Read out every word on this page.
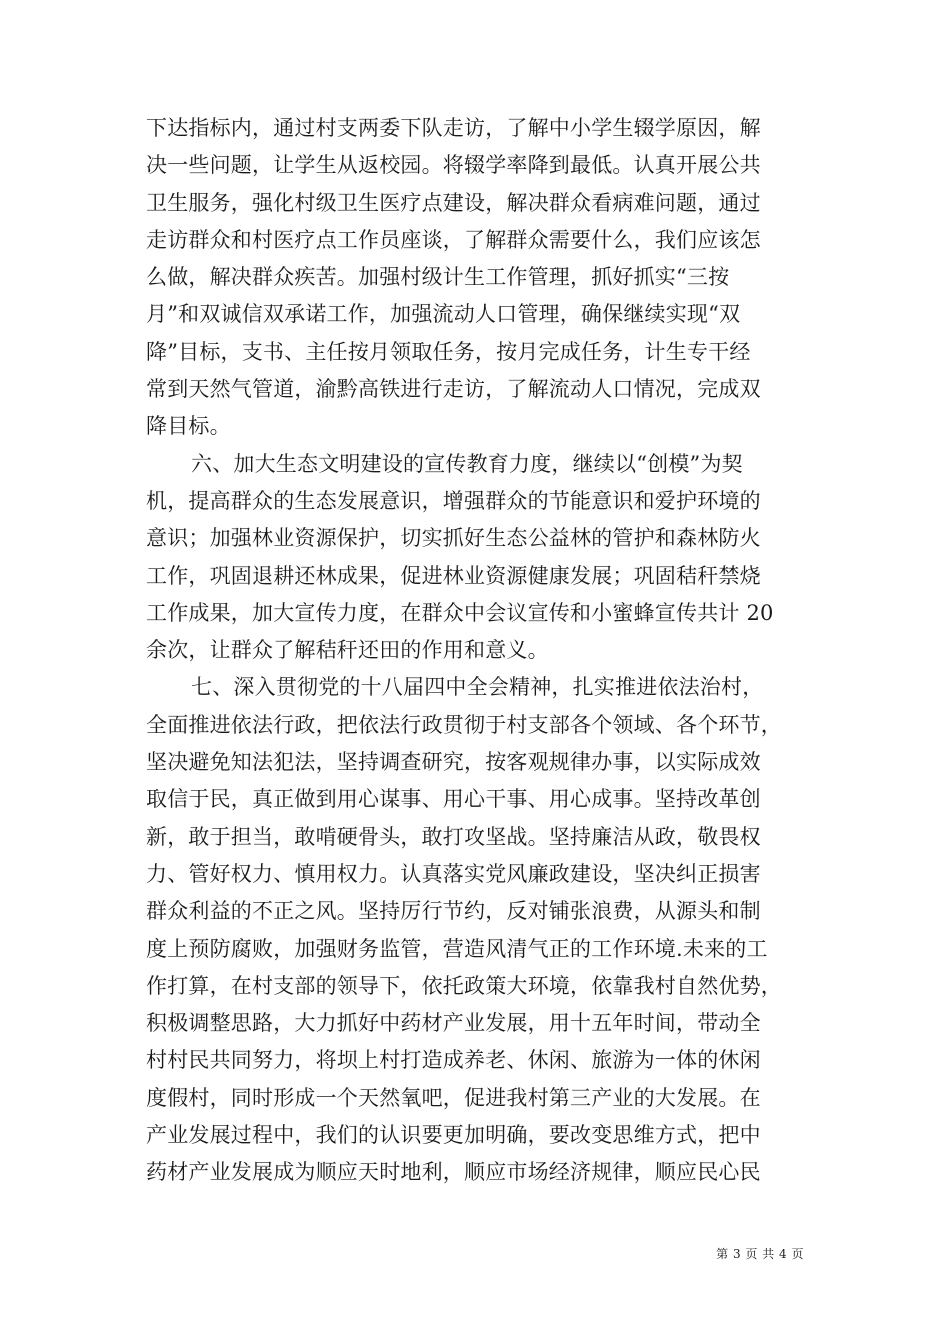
下达指标内，通过村支两委下队走访，了解中小学生辍学原因，解
决一些问题，让学生从返校园。将辍学率降到最低。认真开展公共
卫生服务，强化村级卫生医疗点建设，解决群众看病难问题，通过
走访群众和村医疗点工作员座谈，了解群众需要什么，我们应该怎
么做，解决群众疾苦。加强村级计生工作管理，抓好抓实“三按
月”和双诚信双承诺工作，加强流动人口管理，确保继续实现“双
降”目标，支书、主任按月领取任务，按月完成任务，计生专干经
常到天然气管道，渝黔高铁进行走访，了解流动人口情况，完成双
降目标。
六、加大生态文明建设的宣传教育力度，继续以“创模”为契
机，提高群众的生态发展意识，增强群众的节能意识和爱护环境的
意识；加强林业资源保护，切实抓好生态公益林的管护和森林防火
工作，巩固退耕还林成果，促进林业资源健康发展；巩固秸秆禁烧
工作成果，加大宣传力度，在群众中会议宣传和小蜜蜂宣传共计 20
余次，让群众了解秸秆还田的作用和意义。
七、深入贯彻党的十八届四中全会精神，扎实推进依法治村，
全面推进依法行政，把依法行政贯彻于村支部各个领域、各个环节，
坚决避免知法犯法，坚持调查研究，按客观规律办事，以实际成效
取信于民，真正做到用心谋事、用心干事、用心成事。坚持改革创
新，敢于担当，敢啃硬骨头，敢打攻坚战。坚持廉洁从政，敬畏权
力、管好权力、慎用权力。认真落实党风廉政建设，坚决纠正损害
群众利益的不正之风。坚持厉行节约，反对铺张浪费，从源头和制
度上预防腐败，加强财务监管，营造风清气正的工作环境.未来的工
作打算，在村支部的领导下，依托政策大环境，依靠我村自然优势，
积极调整思路，大力抓好中药材产业发展，用十五年时间，带动全
村村民共同努力，将坝上村打造成养老、休闲、旅游为一体的休闲
度假村，同时形成一个天然氧吧，促进我村第三产业的大发展。在
产业发展过程中，我们的认识要更加明确，要改变思维方式，把中
药材产业发展成为顺应天时地利，顺应市场经济规律，顺应民心民
第 3 页 共 4 页
